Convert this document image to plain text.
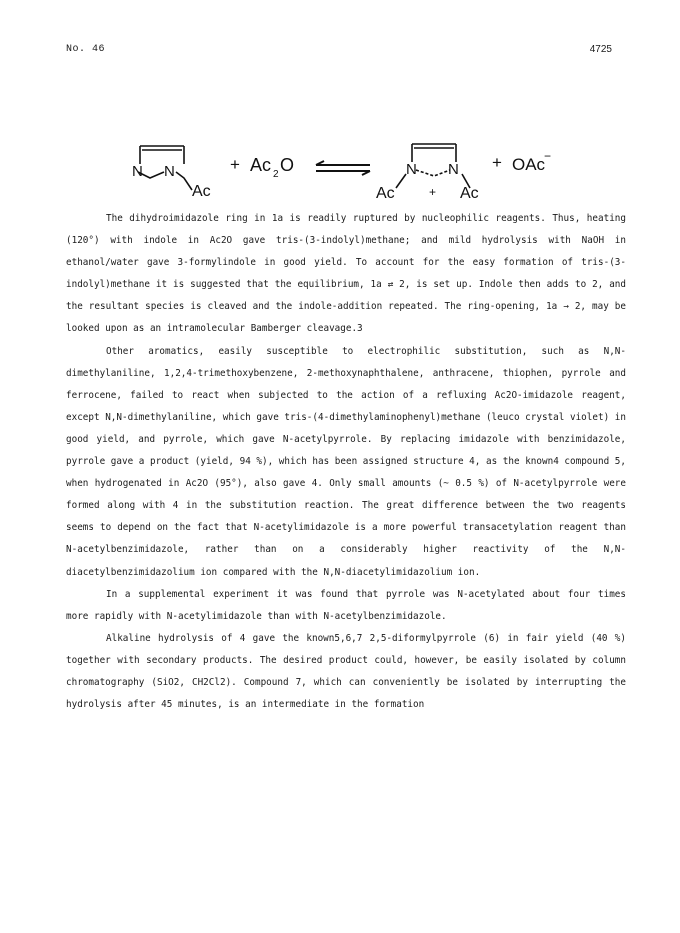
No. 46	4725
N N
Ac
+ Ac 2 O	N N
Ac	+ Ac
+ OAc
−

The dihydroimidazole ring in 1a is readily ruptured by nucleophilic reagents. Thus, heating (120°) with indole in Ac2O gave tris-(3-indolyl)methane; and mild hydrolysis with NaOH in ethanol/water gave 3-formylindole in good yield. To account for the easy formation of tris-(3-indolyl)methane it is suggested that the equilibrium, 1a ⇄ 2, is set up. Indole then adds to 2, and the resultant species is cleaved and the indole-addition repeated. The ring-opening, 1a → 2, may be looked upon as an intramolecular Bamberger cleavage.3

Other aromatics, easily susceptible to electrophilic substitution, such as N,N-dimethylaniline, 1,2,4-trimethoxybenzene, 2-methoxynaphthalene, anthracene, thiophen, pyrrole and ferrocene, failed to react when subjected to the action of a refluxing Ac2O-imidazole reagent, except N,N-dimethylaniline, which gave tris-(4-dimethylaminophenyl)methane (leuco crystal violet) in good yield, and pyrrole, which gave N-acetylpyrrole. By replacing imidazole with benzimidazole, pyrrole gave a product (yield, 94 %), which has been assigned structure 4, as the known4 compound 5, when hydrogenated in Ac2O (95°), also gave 4. Only small amounts (~ 0.5 %) of N-acetylpyrrole were formed along with 4 in the substitution reaction. The great difference between the two reagents seems to depend on the fact that N-acetylimidazole is a more powerful transacetylation reagent than N-acetylbenzimidazole, rather than on a considerably higher reactivity of the N,N-diacetylbenzimidazolium ion compared with the N,N-diacetylimidazolium ion.

In a supplemental experiment it was found that pyrrole was N-acetylated about four times more rapidly with N-acetylimidazole than with N-acetylbenzimidazole.

Alkaline hydrolysis of 4 gave the known5,6,7 2,5-diformylpyrrole (6) in fair yield (40 %) together with secondary products. The desired product could, however, be easily isolated by column chromatography (SiO2, CH2Cl2). Compound 7, which can conveniently be isolated by interrupting the hydrolysis after 45 minutes, is an intermediate in the formation
